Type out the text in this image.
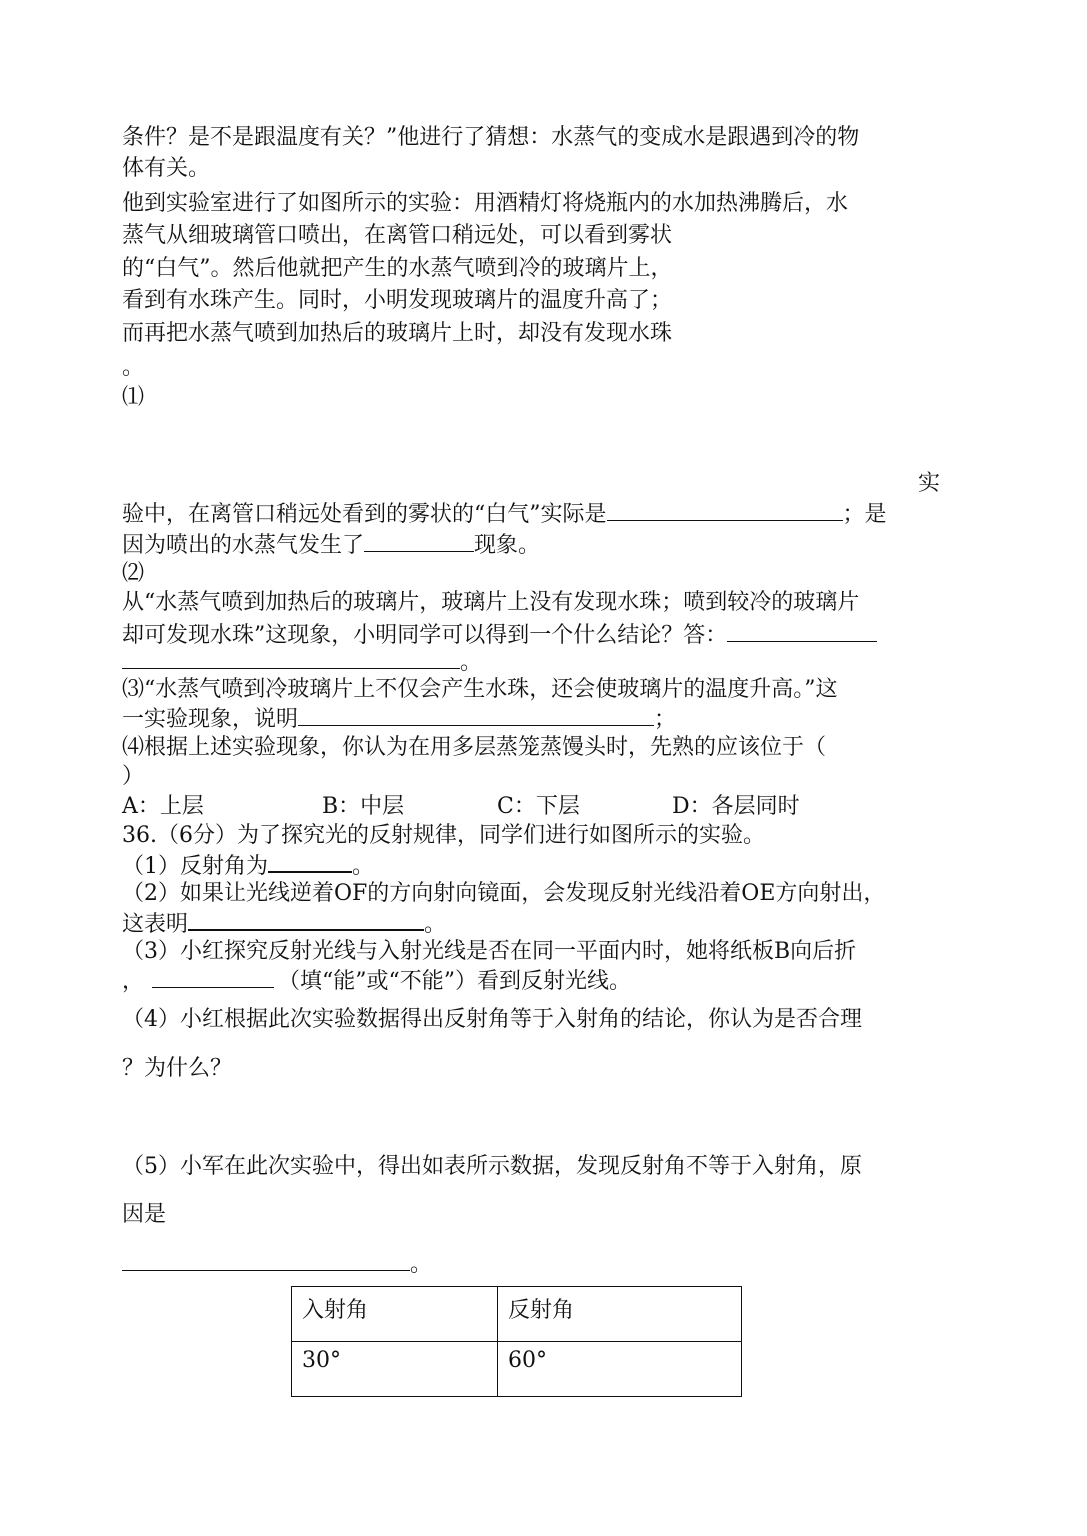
条件？是不是跟温度有关？”他进行了猜想：水蒸气的变成水是跟遇到冷的物
体有关。
他到实验室进行了如图所示的实验：用酒精灯将烧瓶内的水加热沸腾后，水
蒸气从细玻璃管口喷出，在离管口稍远处，可以看到雾状
的“白气”。然后他就把产生的水蒸气喷到冷的玻璃片上，
看到有水珠产生。同时，小明发现玻璃片的温度升高了；
而再把水蒸气喷到加热后的玻璃片上时，却没有发现水珠
。
⑴
实
验中，在离管口稍远处看到的雾状的“白气”实际是	；是
因为喷出的水蒸气发生了	现象。
⑵
从“水蒸气喷到加热后的玻璃片，玻璃片上没有发现水珠；喷到较冷的玻璃片
却可发现水珠”这现象，小明同学可以得到一个什么结论？答：
。
⑶“水蒸气喷到冷玻璃片上不仅会产生水珠，还会使玻璃片的温度升高。”这
一实验现象，说明	；
⑷根据上述实验现象，你认为在用多层蒸笼蒸馒头时，先熟的应该位于（
）
A：上层	B：中层	C：下层	D：各层同时
36.（6分）为了探究光的反射规律，同学们进行如图所示的实验。
（1）反射角为	。
（2）如果让光线逆着OF的方向射向镜面，会发现反射光线沿着OE方向射出，
这表明	。
（3）小红探究反射光线与入射光线是否在同一平面内时，她将纸板B向后折
，	（填“能”或“不能”）看到反射光线。
（4）小红根据此次实验数据得出反射角等于入射角的结论，你认为是否合理
？为什么？
（5）小军在此次实验中，得出如表所示数据，发现反射角不等于入射角，原
因是
。
入射角	反射角
30°	60°
